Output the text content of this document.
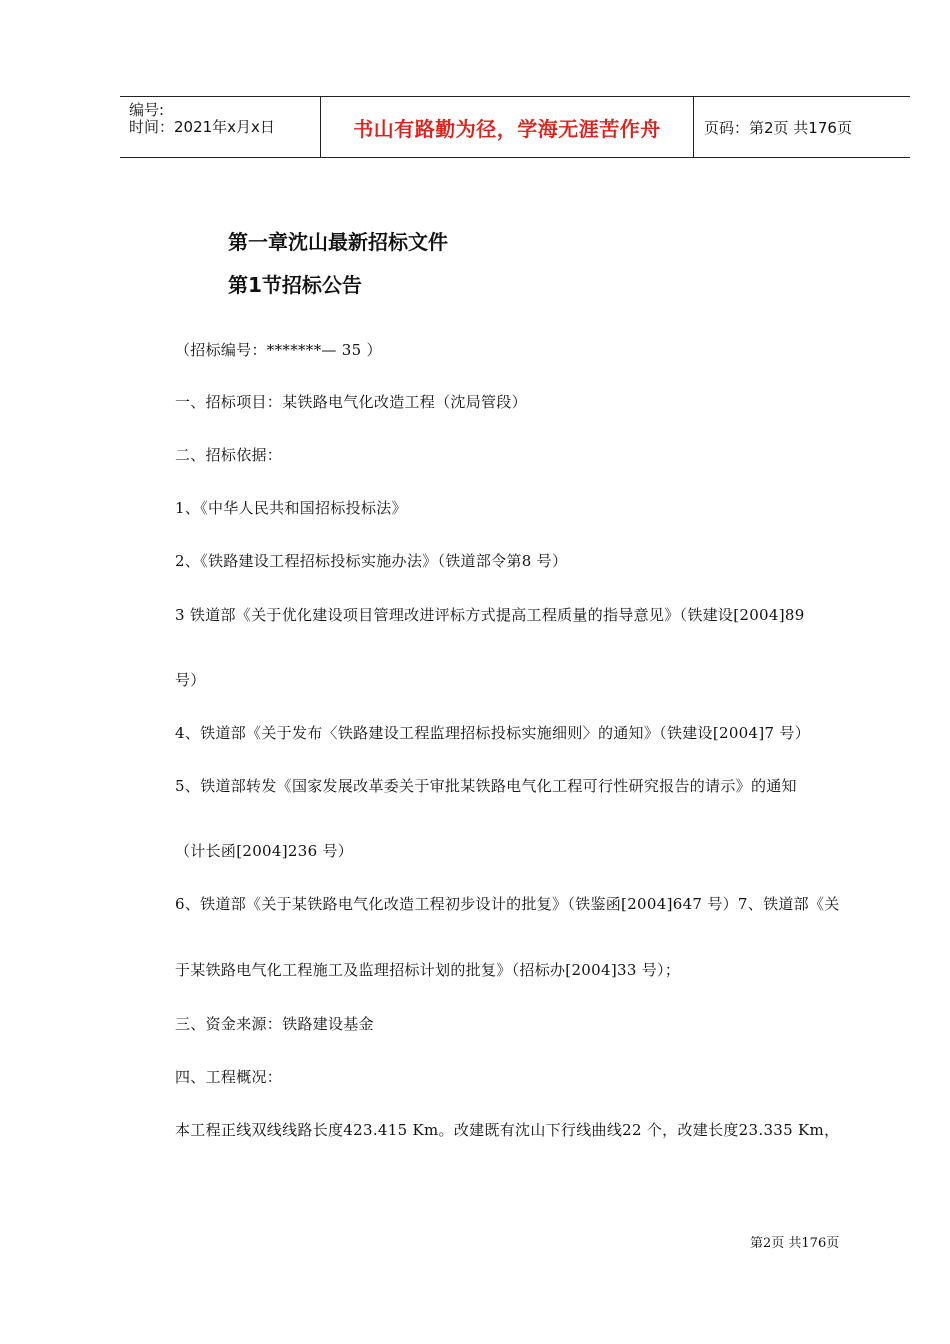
编号:
时间：2021年x月x日	书山有路勤为径，学海无涯苦作舟	页码：第2页 共176页
第一章沈山最新招标文件
第1节招标公告
（招标编号：*******— 35 ）
一、招标项目：某铁路电气化改造工程（沈局管段）
二、招标依据：
1、《中华人民共和国招标投标法》
2、《铁路建设工程招标投标实施办法》（铁道部令第8 号）
3 铁道部《关于优化建设项目管理改进评标方式提高工程质量的指导意见》（铁建设[2004]89
号）
4、铁道部《关于发布〈铁路建设工程监理招标投标实施细则〉的通知》（铁建设[2004]7 号）
5、铁道部转发《国家发展改革委关于审批某铁路电气化工程可行性研究报告的请示》的通知
（计长函[2004]236 号）
6、铁道部《关于某铁路电气化改造工程初步设计的批复》（铁鉴函[2004]647 号）7、铁道部《关
于某铁路电气化工程施工及监理招标计划的批复》（招标办[2004]33 号）；
三、资金来源：铁路建设基金
四、工程概况：
本工程正线双线线路长度423.415 Km。改建既有沈山下行线曲线22 个，改建长度23.335 Km，
第2页 共176页
